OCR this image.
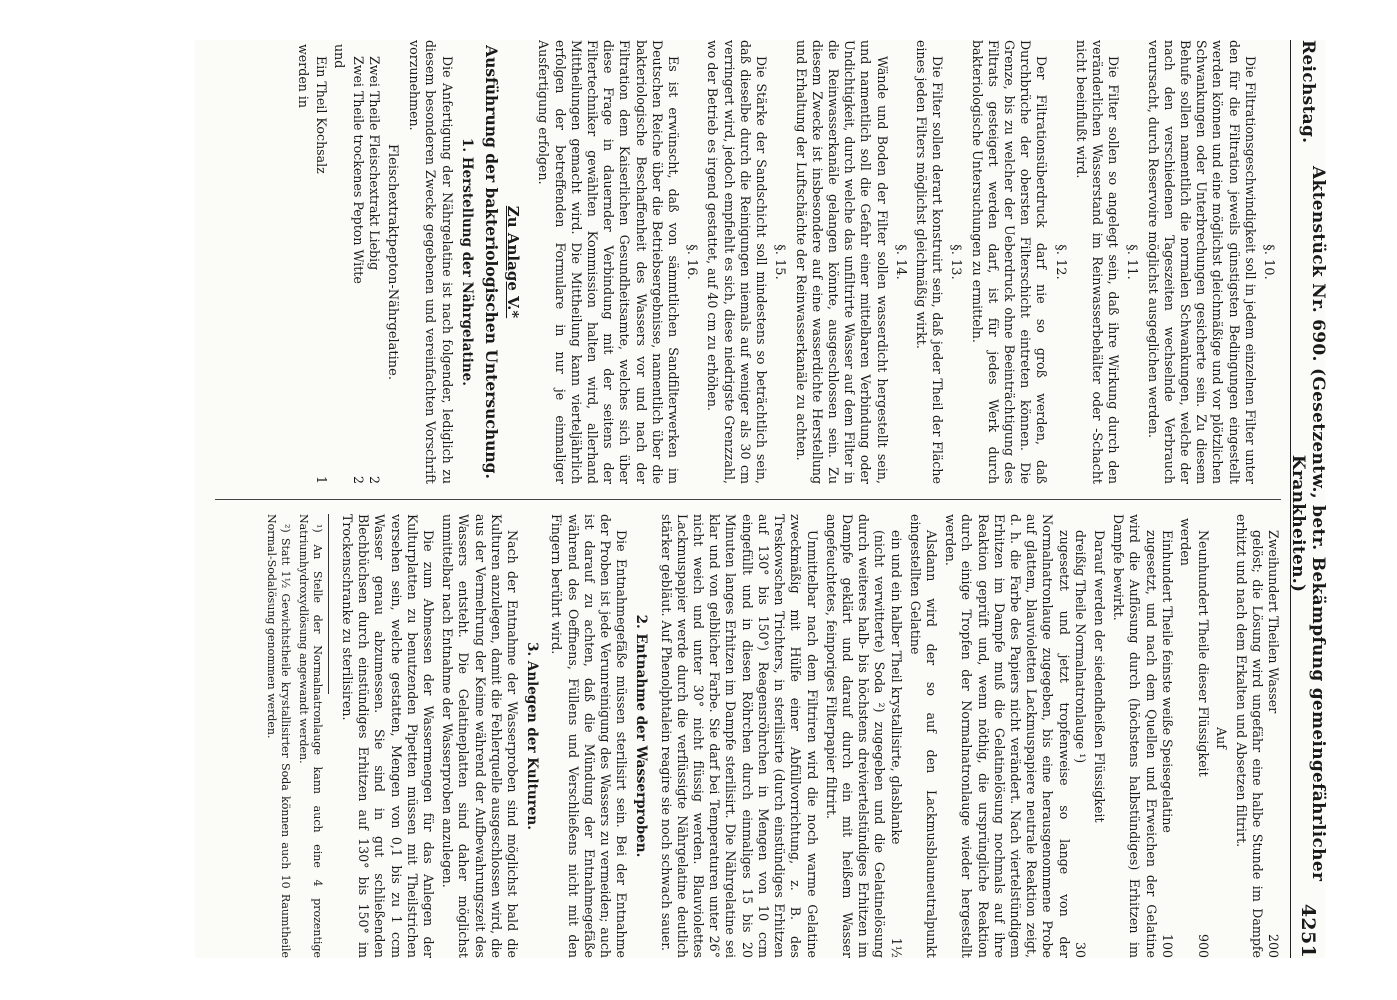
Reichstag.
Aktenstück Nr. 690. (Gesetzentw., betr. Bekämpfung gemeingefährlicher Krankheiten.)
4251
§. 10.

Die Filtrationsgeschwindigkeit soll in jedem einzelnen Filter unter den für die Filtration jeweils günstigsten Bedingungen eingestellt werden können und eine möglichst gleichmäßige und vor plötzlichen Schwankungen oder Unterbrechungen gesicherte sein. Zu diesem Behufe sollen namentlich die normalen Schwankungen, welche der nach den verschiedenen Tageszeiten wechselnde Verbrauch verursacht, durch Reservoire möglichst ausgeglichen werden.

§. 11.

Die Filter sollen so angelegt sein, daß ihre Wirkung durch den veränderlichen Wasserstand im Reinwasserbehälter oder -Schacht nicht beeinflußt wird.

§. 12.

Der Filtrationsüberdruck darf nie so groß werden, daß Durchbrüche der obersten Filterschicht eintreten können. Die Grenze, bis zu welcher der Ueberdruck ohne Beeinträchtigung des Filtrats gesteigert werden darf, ist für jedes Werk durch bakteriologische Untersuchungen zu ermitteln.

§. 13.

Die Filter sollen derart konstruirt sein, daß jeder Theil der Fläche eines jeden Filters möglichst gleichmäßig wirkt.

§. 14.

Wände und Boden der Filter sollen wasserdicht hergestellt sein, und namentlich soll die Gefahr einer mittelbaren Verbindung oder Undichtigkeit, durch welche das unfiltrirte Wasser auf dem Filter in die Reinwasserkanäle gelangen könnte, ausgeschlossen sein. Zu diesem Zwecke ist insbesondere auf eine wasserdichte Herstellung und Erhaltung der Luftschächte der Reinwasserkanäle zu achten.

§. 15.

Die Stärke der Sandschicht soll mindestens so beträchtlich sein, daß dieselbe durch die Reinigungen niemals auf weniger als 30 cm verringert wird, jedoch empfiehlt es sich, diese niedrigste Grenzzahl, wo der Betrieb es irgend gestattet, auf 40 cm zu erhöhen.

§. 16.

Es ist erwünscht, daß von sämmtlichen Sandfilterwerken im Deutschen Reiche über die Betriebsergebnisse, namentlich über die bakteriologische Beschaffenheit des Wassers vor und nach der Filtration dem Kaiserlichen Gesundheitsamte, welches sich über diese Frage in dauernder Verbindung mit der seitens der Filtertechniker gewählten Kommission halten wird, allerhand Mittheilungen gemacht wird. Die Mittheilung kann vierteljährlich erfolgen der betreffenden Formulare in nur je einmaliger Ausfertigung erfolgen.

Zu Anlage V.*
Ausführung der bakteriologischen Untersuchung.
1. Herstellung der Nährgelatine.

Die Anfertigung der Nährgelatine ist nach folgender, lediglich zu diesem besonderen Zwecke gegebenen und vereinfachten Vorschrift vorzunehmen.

Fleischextraktpepton-Nährgelatine.
Zwei Theile Fleischextrakt Liebig
2
Zwei Theile trockenes Pepton Witte
2
und
Ein Theil Kochsalz
1
werden in
Zweihundert Theilen Wasser
200

gelöst; die Lösung wird ungefähr eine halbe Stunde im Dampfe erhitzt und nach dem Erkalten und Absetzen filtrirt.

Auf
Neunhundert Theile dieser Flüssigkeit
900
werden
Einhundert Theile feinste weiße Speisegelatine
100

zugesetzt, und nach dem Quellen und Erweichen der Gelatine wird die Auflösung durch (höchstens halbstündiges) Erhitzen im Dampfe bewirkt.

Darauf werden der siedendheißen Flüssigkeit

dreißig Theile Normalnatronlauge ¹)
30

zugesetzt und jetzt tropfenweise so lange von der Normalnatronlauge zugegeben, bis eine herausgenommene Probe auf glattem, blauvioletten Lackmuspapiere neutrale Reaktion zeigt, d. h. die Farbe des Papiers nicht verändert. Nach viertelstündigem Erhitzen im Dampfe muß die Gelatinelösung nochmals auf ihre Reaktion geprüft und, wenn nöthig, die ursprüngliche Reaktion durch einige Tropfen der Normalnatronlauge wieder hergestellt werden.

Alsdann wird der so auf den Lackmusblauneutralpunkt eingestellten Gelatine

ein und ein halber Theil krystallisirte, glasblanke
1½

(nicht verwitterte) Soda ²) zugegeben und die Gelatinelösung durch weiteres halb- bis höchstens dreiviertelstündiges Erhitzen im Dampfe geklärt und darauf durch ein mit heißem Wasser angefeuchtetes, feinporiges Filterpapier filtrirt.

Unmittelbar nach dem Filtriren wird die noch warme Gelatine zweckmäßig mit Hülfe einer Abfüllvorrichtung, z. B. des Treskowschen Trichters, in sterilisirte (durch einstündiges Erhitzen auf 130° bis 150°) Reagensröhrchen in Mengen von 10 ccm eingefüllt und in diesen Röhrchen durch einmaliges 15 bis 20 Minuten langes Erhitzen im Dampfe sterilisirt. Die Nährgelatine sei klar und von gelblicher Farbe. Sie darf bei Temperaturen unter 26° nicht weich und unter 30° nicht flüssig werden. Blauviolettes Lackmuspapier werde durch die verflüssigte Nährgelatine deutlich stärker gebläut. Auf Phenolphtalein reagire sie noch schwach sauer.

2. Entnahme der Wasserproben.

Die Entnahmegefäße müssen sterilisirt sein. Bei der Entnahme der Proben ist jede Verunreinigung des Wassers zu vermeiden; auch ist darauf zu achten, daß die Mündung der Entnahmegefäße während des Oeffnens, Füllens und Verschließens nicht mit den Fingern berührt wird.

3. Anlegen der Kulturen.

Nach der Entnahme der Wasserproben sind möglichst bald die Kulturen anzulegen, damit die Fehlerquelle ausgeschlossen wird, die aus der Vermehrung der Keime während der Aufbewahrungszeit des Wassers entsteht. Die Gelatineplatten sind daher möglichst unmittelbar nach Entnahme der Wasserproben anzulegen.

Die zum Abmessen der Wassermengen für das Anlegen der Kulturplatten zu benutzenden Pipetten müssen mit Theilstrichen versehen sein, welche gestatten, Mengen von 0,1 bis zu 1 ccm Wasser genau abzumessen. Sie sind in gut schließenden Blechbüchsen durch einstündiges Erhitzen auf 130° bis 150° im Trockenschranke zu sterilisiren.

¹) An Stelle der Normalnatronlauge kann auch eine 4 prozentige Natriumhydroxydlösung angewandt werden.
²) Statt 1½ Gewichtstheile krystallisirter Soda können auch 10 Raumtheile Normal-Sodalösung genommen werden.
